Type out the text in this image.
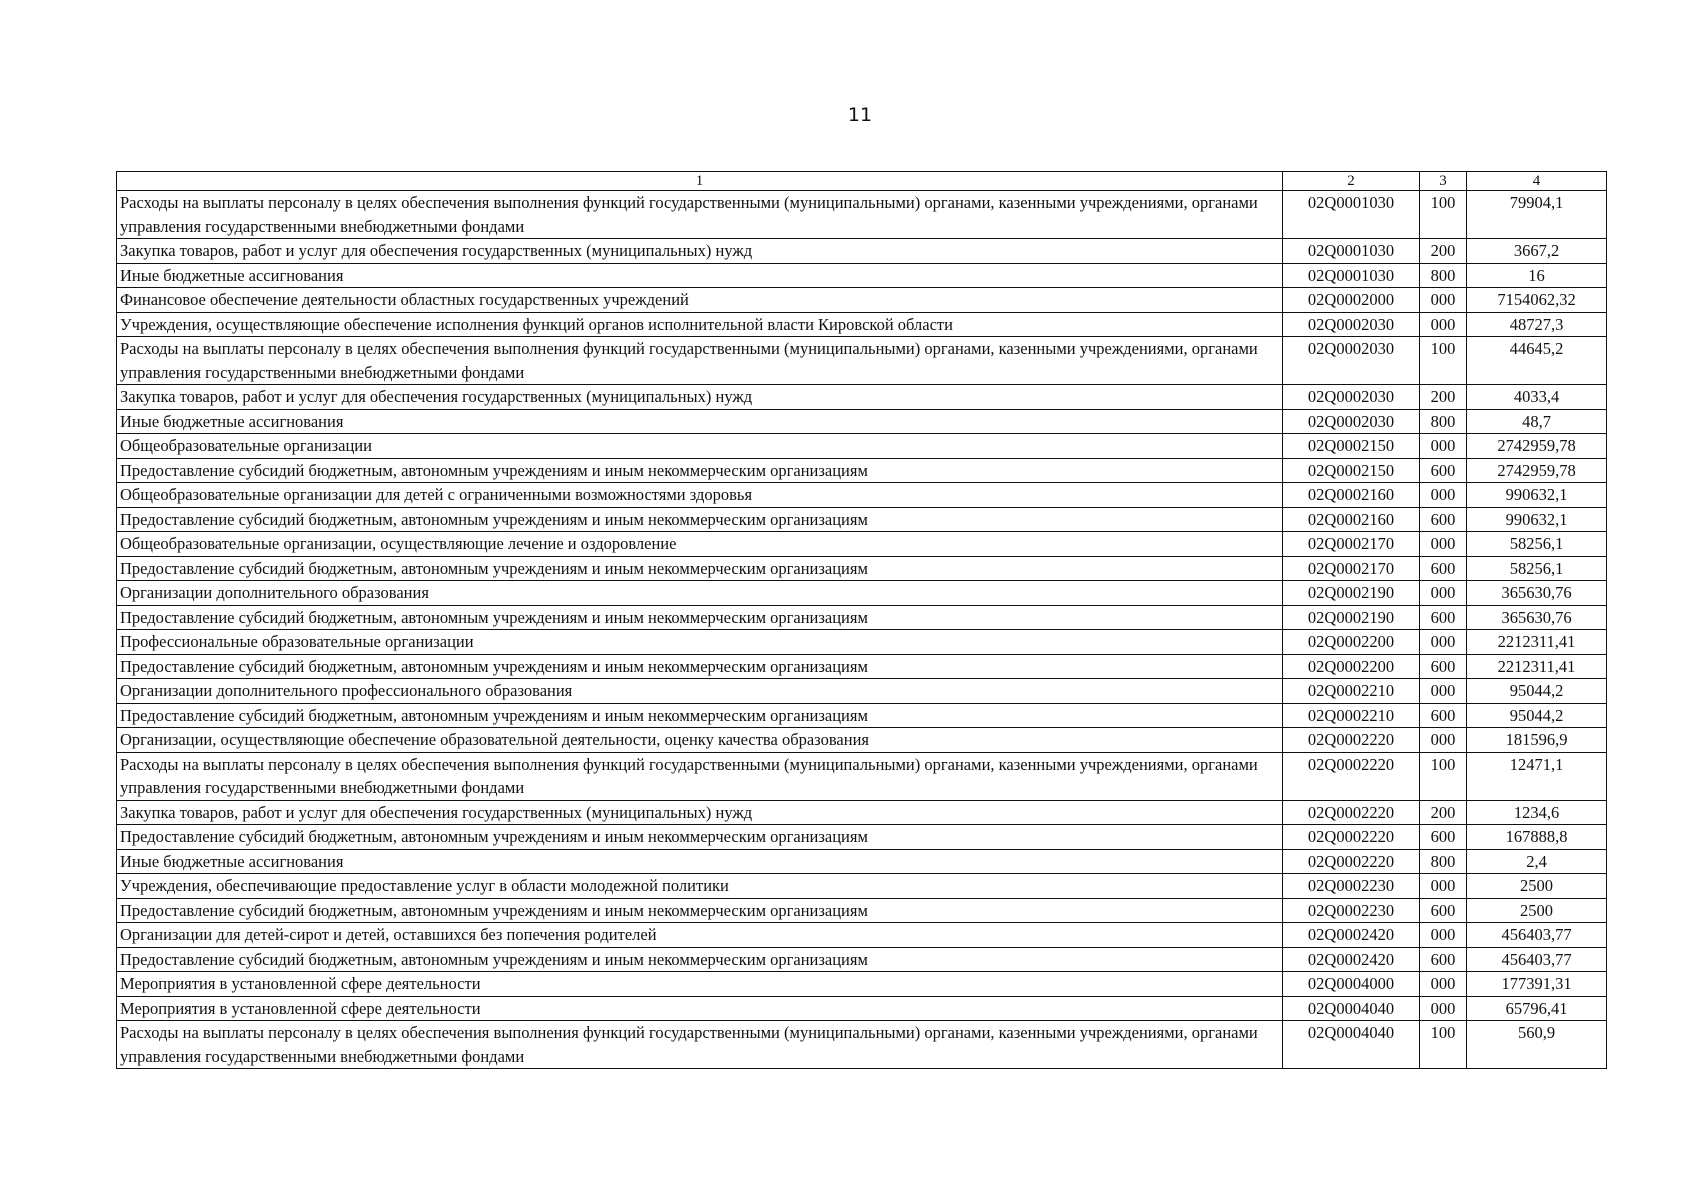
11
1	2	3	4
Расходы на выплаты персоналу в целях обеспечения выполнения функций государственными (муниципальными) органами, казенными учреждениями, органами управления государственными внебюджетными фондами	02Q0001030	100	79904,1
Закупка товаров, работ и услуг для обеспечения государственных (муниципальных) нужд	02Q0001030	200	3667,2
Иные бюджетные ассигнования	02Q0001030	800	16
Финансовое обеспечение деятельности областных государственных учреждений	02Q0002000	000	7154062,32
Учреждения, осуществляющие обеспечение исполнения функций органов исполнительной власти Кировской области	02Q0002030	000	48727,3
Расходы на выплаты персоналу в целях обеспечения выполнения функций государственными (муниципальными) органами, казенными учреждениями, органами управления государственными внебюджетными фондами	02Q0002030	100	44645,2
Закупка товаров, работ и услуг для обеспечения государственных (муниципальных) нужд	02Q0002030	200	4033,4
Иные бюджетные ассигнования	02Q0002030	800	48,7
Общеобразовательные организации	02Q0002150	000	2742959,78
Предоставление субсидий бюджетным, автономным учреждениям и иным некоммерческим организациям	02Q0002150	600	2742959,78
Общеобразовательные организации для детей с ограниченными возможностями здоровья	02Q0002160	000	990632,1
Предоставление субсидий бюджетным, автономным учреждениям и иным некоммерческим организациям	02Q0002160	600	990632,1
Общеобразовательные организации, осуществляющие лечение и оздоровление	02Q0002170	000	58256,1
Предоставление субсидий бюджетным, автономным учреждениям и иным некоммерческим организациям	02Q0002170	600	58256,1
Организации дополнительного образования	02Q0002190	000	365630,76
Предоставление субсидий бюджетным, автономным учреждениям и иным некоммерческим организациям	02Q0002190	600	365630,76
Профессиональные образовательные организации	02Q0002200	000	2212311,41
Предоставление субсидий бюджетным, автономным учреждениям и иным некоммерческим организациям	02Q0002200	600	2212311,41
Организации дополнительного профессионального образования	02Q0002210	000	95044,2
Предоставление субсидий бюджетным, автономным учреждениям и иным некоммерческим организациям	02Q0002210	600	95044,2
Организации, осуществляющие обеспечение образовательной деятельности, оценку качества образования	02Q0002220	000	181596,9
Расходы на выплаты персоналу в целях обеспечения выполнения функций государственными (муниципальными) органами, казенными учреждениями, органами управления государственными внебюджетными фондами	02Q0002220	100	12471,1
Закупка товаров, работ и услуг для обеспечения государственных (муниципальных) нужд	02Q0002220	200	1234,6
Предоставление субсидий бюджетным, автономным учреждениям и иным некоммерческим организациям	02Q0002220	600	167888,8
Иные бюджетные ассигнования	02Q0002220	800	2,4
Учреждения, обеспечивающие предоставление услуг в области молодежной политики	02Q0002230	000	2500
Предоставление субсидий бюджетным, автономным учреждениям и иным некоммерческим организациям	02Q0002230	600	2500
Организации для детей-сирот и детей, оставшихся без попечения родителей	02Q0002420	000	456403,77
Предоставление субсидий бюджетным, автономным учреждениям и иным некоммерческим организациям	02Q0002420	600	456403,77
Мероприятия в установленной сфере деятельности	02Q0004000	000	177391,31
Мероприятия в установленной сфере деятельности	02Q0004040	000	65796,41
Расходы на выплаты персоналу в целях обеспечения выполнения функций государственными (муниципальными) органами, казенными учреждениями, органами управления государственными внебюджетными фондами	02Q0004040	100	560,9
